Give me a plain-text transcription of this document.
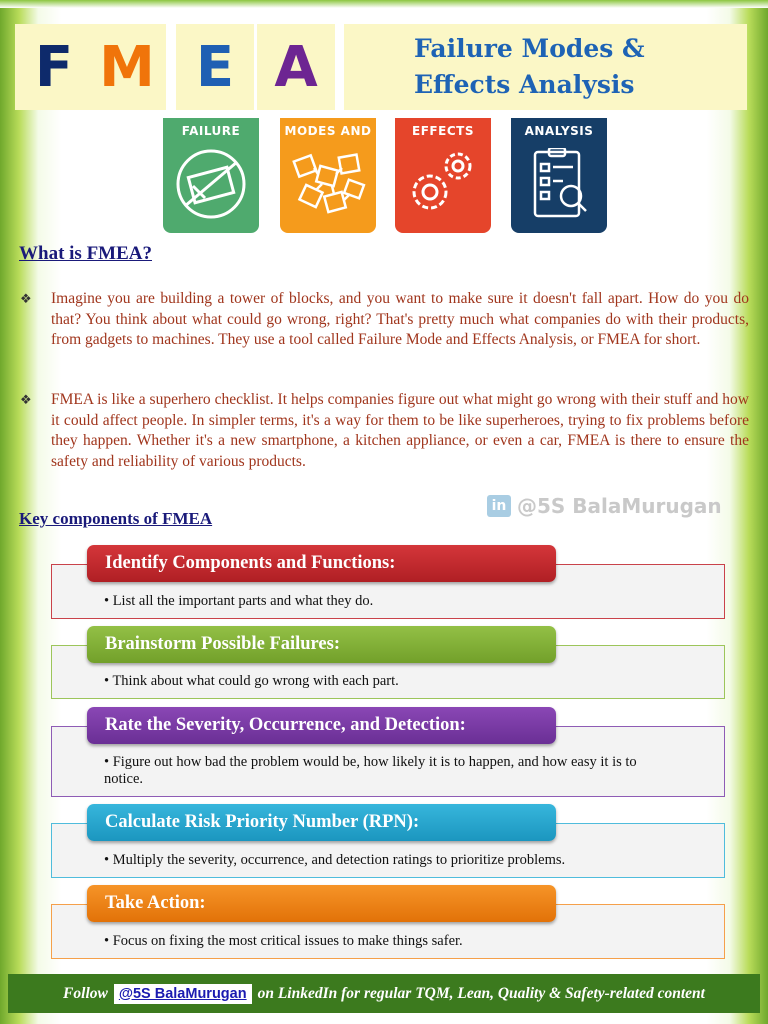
F M E A	Failure Modes &
Effects Analysis
FAILURE	MODES AND	EFFECTS	ANALYSIS
What is FMEA?
❖ Imagine you are building a tower of blocks, and you want to make sure it doesn't fall apart. How do you do that? You think about what could go wrong, right? That's pretty much what companies do with their products, from gadgets to machines. They use a tool called Failure Mode and Effects Analysis, or FMEA for short.
❖ FMEA is like a superhero checklist. It helps companies figure out what might go wrong with their stuff and how it could affect people. In simpler terms, it's a way for them to be like superheroes, trying to fix problems before they happen. Whether it's a new smartphone, a kitchen appliance, or even a car, FMEA is there to ensure the safety and reliability of various products.
in @5S BalaMurugan
Key components of FMEA
• List all the important parts and what they do.
Identify Components and Functions:
• Think about what could go wrong with each part.
Brainstorm Possible Failures:
• Figure out how bad the problem would be, how likely it is to happen, and how easy it is to notice.
Rate the Severity, Occurrence, and Detection:
• Multiply the severity, occurrence, and detection ratings to prioritize problems.
Calculate Risk Priority Number (RPN):
• Focus on fixing the most critical issues to make things safer.
Take Action:
Follow @5S BalaMurugan on LinkedIn for regular TQM, Lean, Quality & Safety-related content
